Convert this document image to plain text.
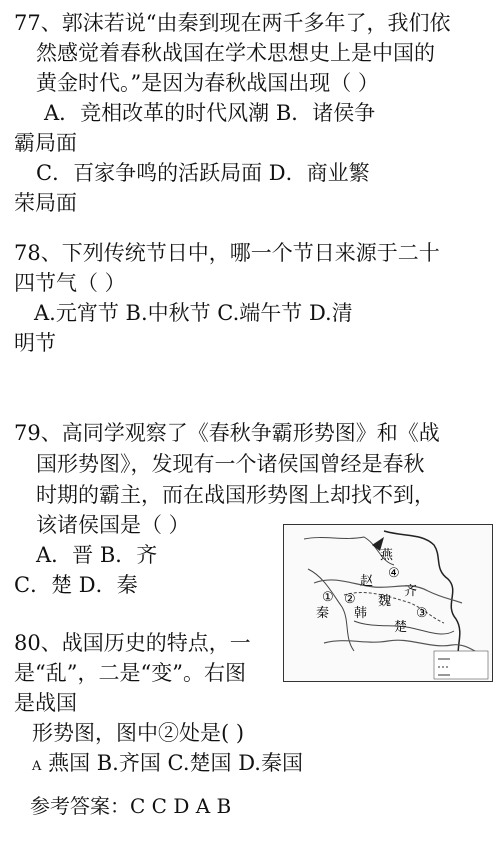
77、郭沫若说“由秦到现在两千多年了，我们依
然感觉着春秋战国在学术思想史上是中国的
黄金时代。”是因为春秋战国出现（ ）
A．竞相改革的时代风潮 B．诸侯争
霸局面
C．百家争鸣的活跃局面 D．商业繁
荣局面
78、下列传统节日中，哪一个节日来源于二十
四节气（ ）
A.元宵节 B.中秋节 C.端午节 D.清
明节
79、高同学观察了《春秋争霸形势图》和《战
国形势图》，发现有一个诸侯国曾经是春秋
时期的霸主，而在战国形势图上却找不到，
该诸侯国是（ ）
A．晋 B．齐
C．楚 D．秦
燕
赵
齐
魏
韩
楚
秦
① ②
③
④
80、战国历史的特点，一
是“乱”，二是“变”。右图
是战国
形势图，图中②处是( )
A 燕国 B.齐国 C.楚国 D.秦国
参考答案：C C D A B
